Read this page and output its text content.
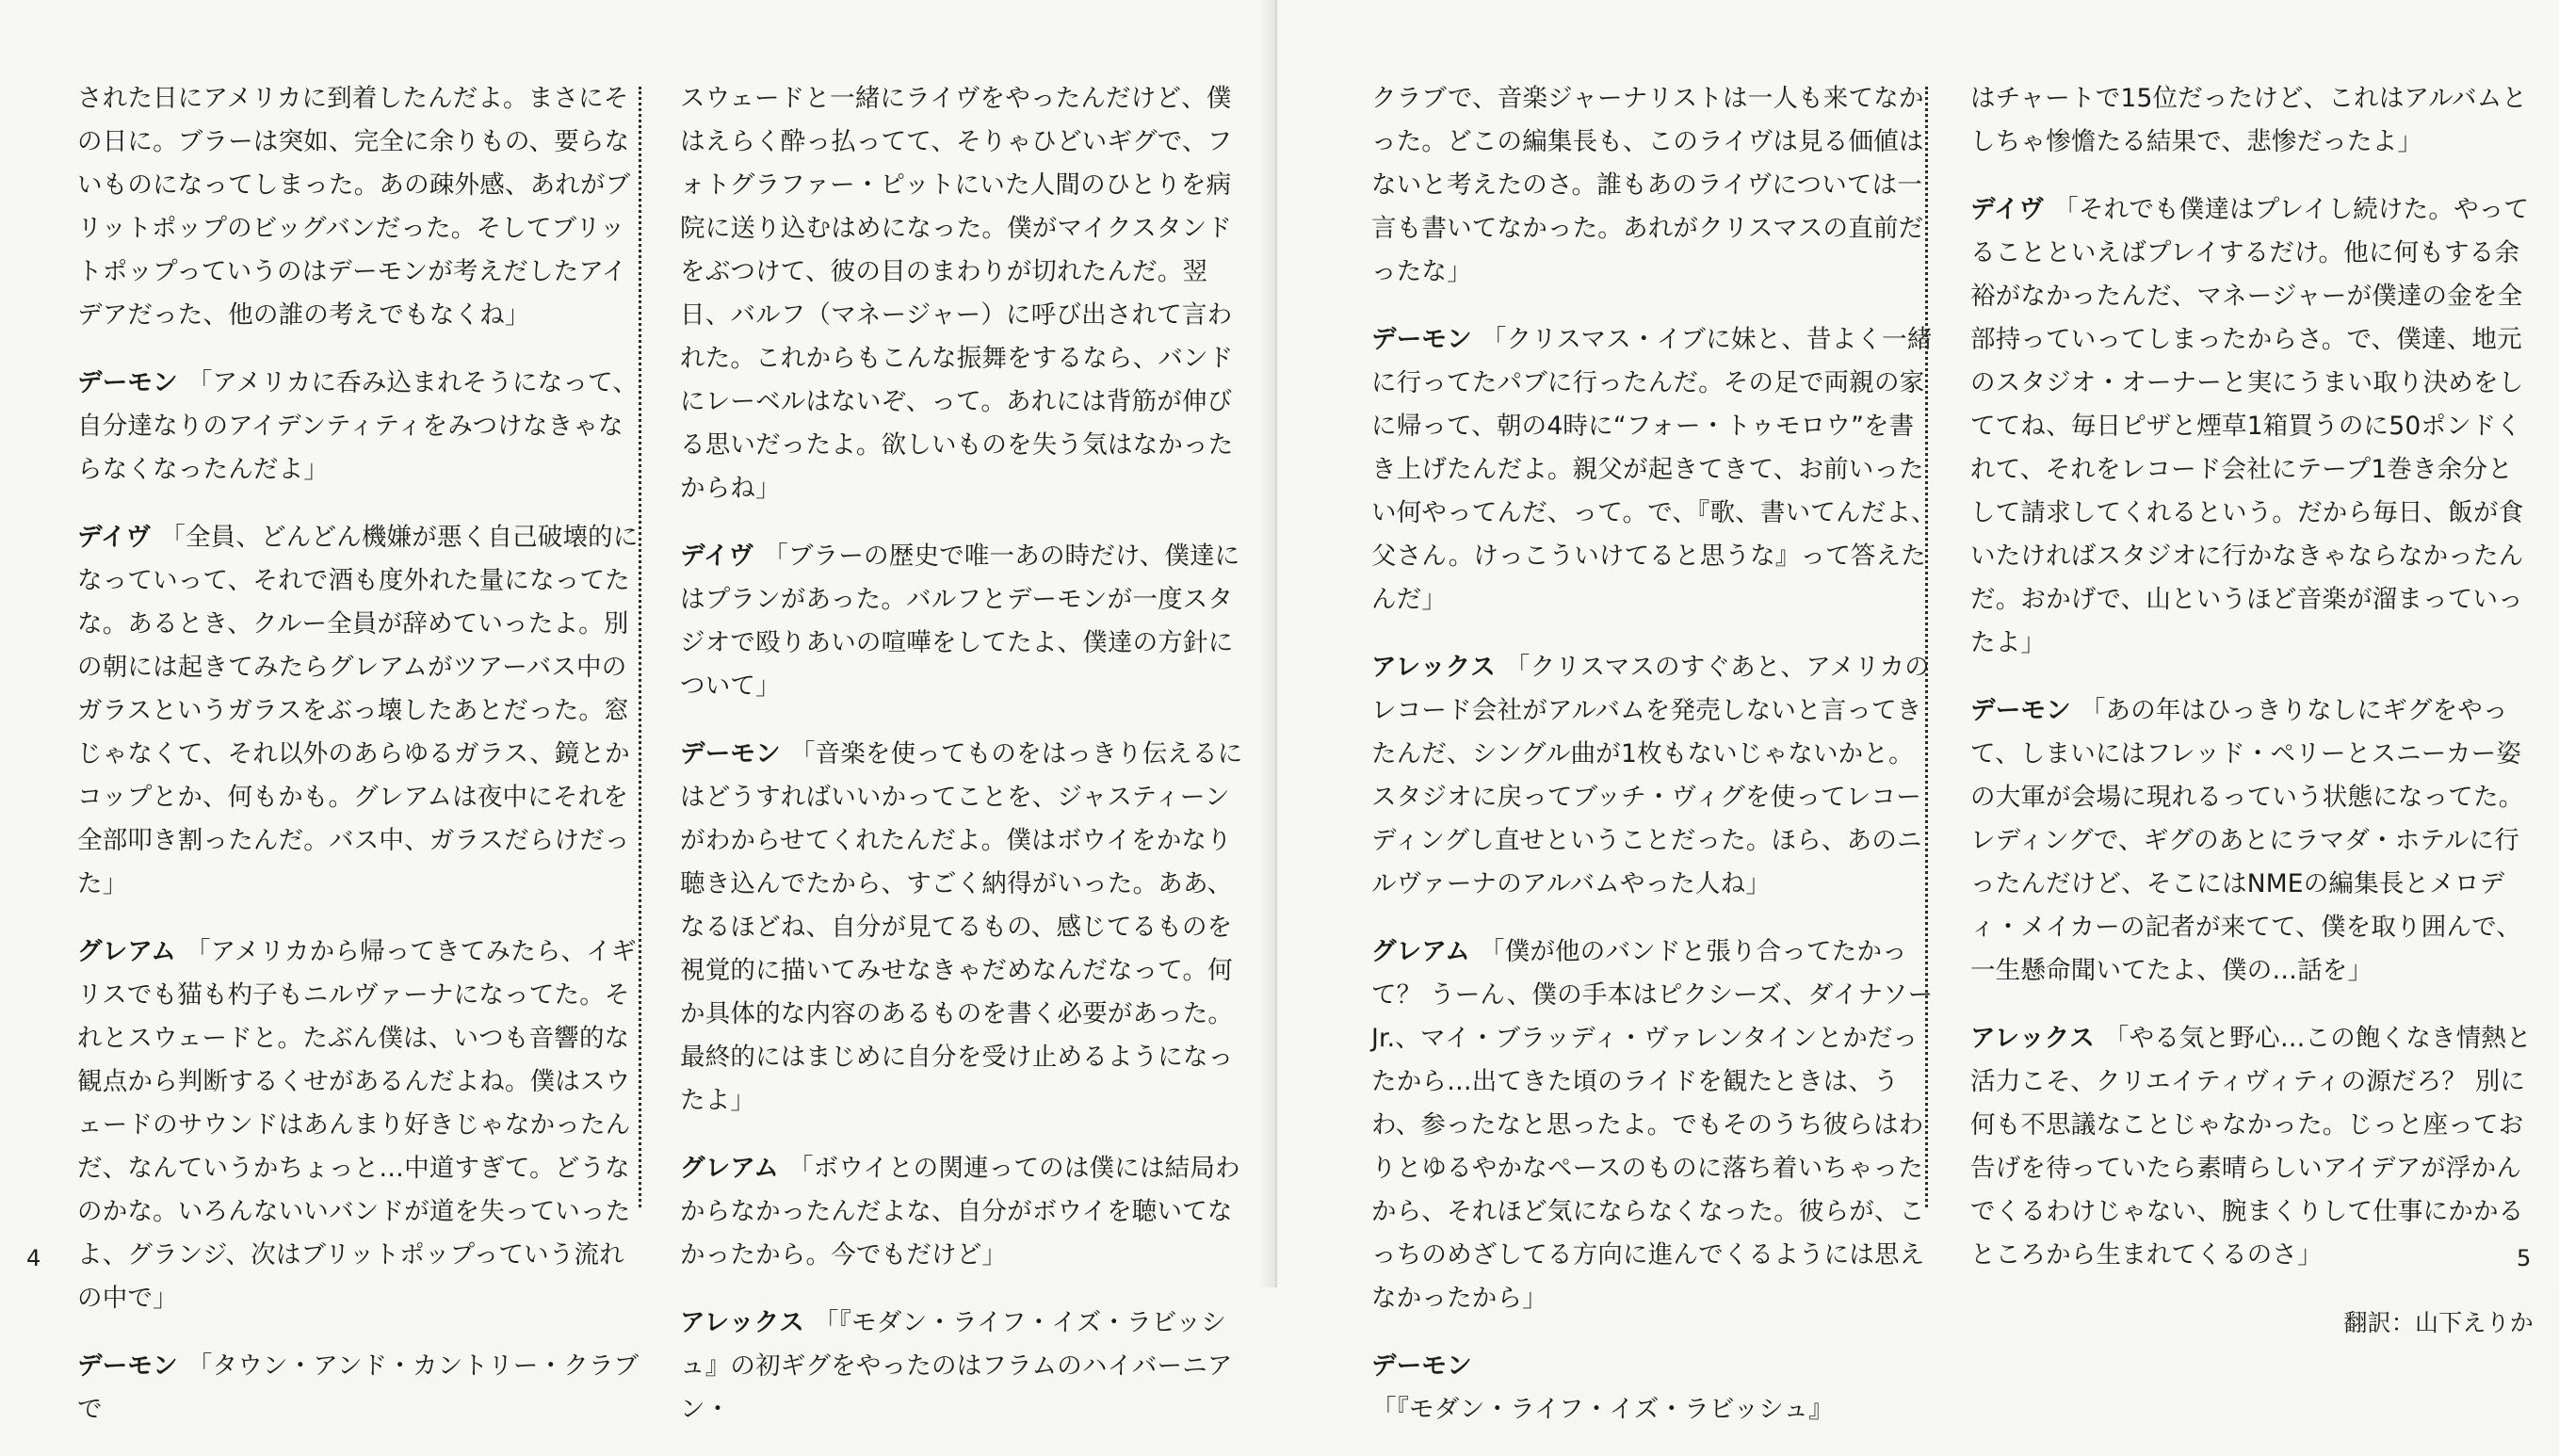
された日にアメリカに到着したんだよ。まさにその日に。ブラーは突如、完全に余りもの、要らないものになってしまった。あの疎外感、あれがブリットポップのビッグバンだった。そしてブリットポップっていうのはデーモンが考えだしたアイデアだった、他の誰の考えでもなくね」

デーモン 「アメリカに呑み込まれそうになって、自分達なりのアイデンティティをみつけなきゃならなくなったんだよ」

デイヴ 「全員、どんどん機嫌が悪く自己破壊的になっていって、それで酒も度外れた量になってたな。あるとき、クルー全員が辞めていったよ。別の朝には起きてみたらグレアムがツアーバス中のガラスというガラスをぶっ壊したあとだった。窓じゃなくて、それ以外のあらゆるガラス、鏡とかコップとか、何もかも。グレアムは夜中にそれを全部叩き割ったんだ。バス中、ガラスだらけだった」

グレアム 「アメリカから帰ってきてみたら、イギリスでも猫も杓子もニルヴァーナになってた。それとスウェードと。たぶん僕は、いつも音響的な観点から判断するくせがあるんだよね。僕はスウェードのサウンドはあんまり好きじゃなかったんだ、なんていうかちょっと…中道すぎて。どうなのかな。いろんないいバンドが道を失っていったよ、グランジ、次はブリットポップっていう流れの中で」

デーモン 「タウン・アンド・カントリー・クラブで

スウェードと一緒にライヴをやったんだけど、僕はえらく酔っ払ってて、そりゃひどいギグで、フォトグラファー・ピットにいた人間のひとりを病院に送り込むはめになった。僕がマイクスタンドをぶつけて、彼の目のまわりが切れたんだ。翌日、バルフ（マネージャー）に呼び出されて言われた。これからもこんな振舞をするなら、バンドにレーベルはないぞ、って。あれには背筋が伸びる思いだったよ。欲しいものを失う気はなかったからね」

デイヴ 「ブラーの歴史で唯一あの時だけ、僕達にはプランがあった。バルフとデーモンが一度スタジオで殴りあいの喧嘩をしてたよ、僕達の方針について」

デーモン 「音楽を使ってものをはっきり伝えるにはどうすればいいかってことを、ジャスティーンがわからせてくれたんだよ。僕はボウイをかなり聴き込んでたから、すごく納得がいった。ああ、なるほどね、自分が見てるもの、感じてるものを視覚的に描いてみせなきゃだめなんだなって。何か具体的な内容のあるものを書く必要があった。最終的にはまじめに自分を受け止めるようになったよ」

グレアム 「ボウイとの関連ってのは僕には結局わからなかったんだよな、自分がボウイを聴いてなかったから。今でもだけど」

アレックス 「『モダン・ライフ・イズ・ラビッシュ』の初ギグをやったのはフラムのハイバーニアン・

4

クラブで、音楽ジャーナリストは一人も来てなかった。どこの編集長も、このライヴは見る価値はないと考えたのさ。誰もあのライヴについては一言も書いてなかった。あれがクリスマスの直前だったな」

デーモン 「クリスマス・イブに妹と、昔よく一緒に行ってたパブに行ったんだ。その足で両親の家に帰って、朝の4時に“フォー・トゥモロウ”を書き上げたんだよ。親父が起きてきて、お前いったい何やってんだ、って。で、『歌、書いてんだよ、父さん。けっこういけてると思うな』って答えたんだ」

アレックス 「クリスマスのすぐあと、アメリカのレコード会社がアルバムを発売しないと言ってきたんだ、シングル曲が1枚もないじゃないかと。スタジオに戻ってブッチ・ヴィグを使ってレコーディングし直せということだった。ほら、あのニルヴァーナのアルバムやった人ね」

グレアム 「僕が他のバンドと張り合ってたかって？ うーん、僕の手本はピクシーズ、ダイナソーJr.、マイ・ブラッディ・ヴァレンタインとかだったから…出てきた頃のライドを観たときは、うわ、参ったなと思ったよ。でもそのうち彼らはわりとゆるやかなペースのものに落ち着いちゃったから、それほど気にならなくなった。彼らが、こっちのめざしてる方向に進んでくるようには思えなかったから」

デーモン「『モダン・ライフ・イズ・ラビッシュ』

はチャートで15位だったけど、これはアルバムとしちゃ惨憺たる結果で、悲惨だったよ」

デイヴ 「それでも僕達はプレイし続けた。やってることといえばプレイするだけ。他に何もする余裕がなかったんだ、マネージャーが僕達の金を全部持っていってしまったからさ。で、僕達、地元のスタジオ・オーナーと実にうまい取り決めをしててね、毎日ピザと煙草1箱買うのに50ポンドくれて、それをレコード会社にテープ1巻き余分として請求してくれるという。だから毎日、飯が食いたければスタジオに行かなきゃならなかったんだ。おかげで、山というほど音楽が溜まっていったよ」

デーモン 「あの年はひっきりなしにギグをやって、しまいにはフレッド・ペリーとスニーカー姿の大軍が会場に現れるっていう状態になってた。レディングで、ギグのあとにラマダ・ホテルに行ったんだけど、そこにはNMEの編集長とメロディ・メイカーの記者が来てて、僕を取り囲んで、一生懸命聞いてたよ、僕の…話を」

アレックス 「やる気と野心…この飽くなき情熱と活力こそ、クリエイティヴィティの源だろ？ 別に何も不思議なことじゃなかった。じっと座ってお告げを待っていたら素晴らしいアイデアが浮かんでくるわけじゃない、腕まくりして仕事にかかるところから生まれてくるのさ」

翻訳：山下えりか

5
